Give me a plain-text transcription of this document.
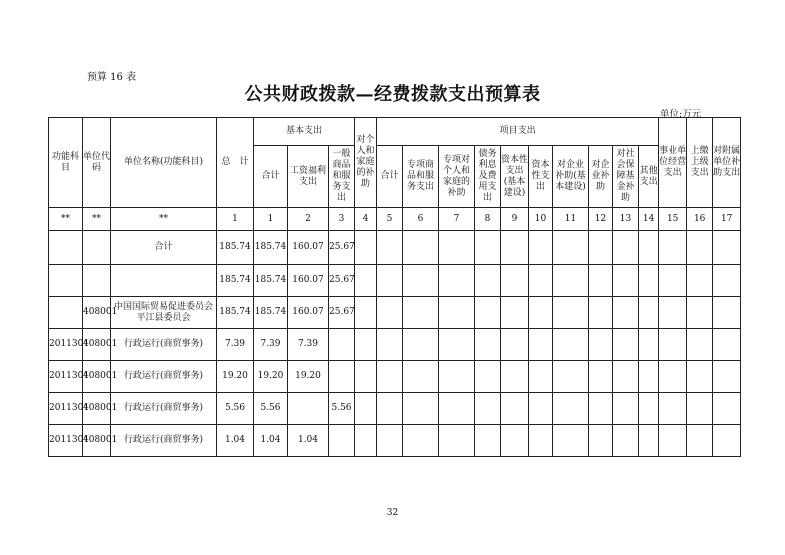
预算 16 表
公共财政拨款—经费拨款支出预算表
单位:万元
功能科目	单位代码	单位名称(功能科目)	总　计	基本支出			对个人和家庭的补助	项目支出										事业单位经营支出	上缴上级支出	对附属单位补助支出
				合计	工资福利支出	一般商品和服务支出		合计	专项商品和服务支出	专项对个人和家庭的补助	债务利息及费用支出	资本性支出(基本建设)	资本性支出	对企业补助(基本建设)	对企业补助	对社会保障基金补助	其他支出			
**	**	**	1	1	2	3	4	5	6	7	8	9	10	11	12	13	14	15	16	17
		合计	185.74	185.74	160.07	25.67														
			185.74	185.74	160.07	25.67														
	408001	中国国际贸易促进委员会平江县委员会	185.74	185.74	160.07	25.67														
2011301	408001	行政运行(商贸事务)	7.39	7.39	7.39															
2011301	408001	行政运行(商贸事务)	19.20	19.20	19.20															
2011301	408001	行政运行(商贸事务)	5.56	5.56		5.56														
2011301	408001	行政运行(商贸事务)	1.04	1.04	1.04															
32
